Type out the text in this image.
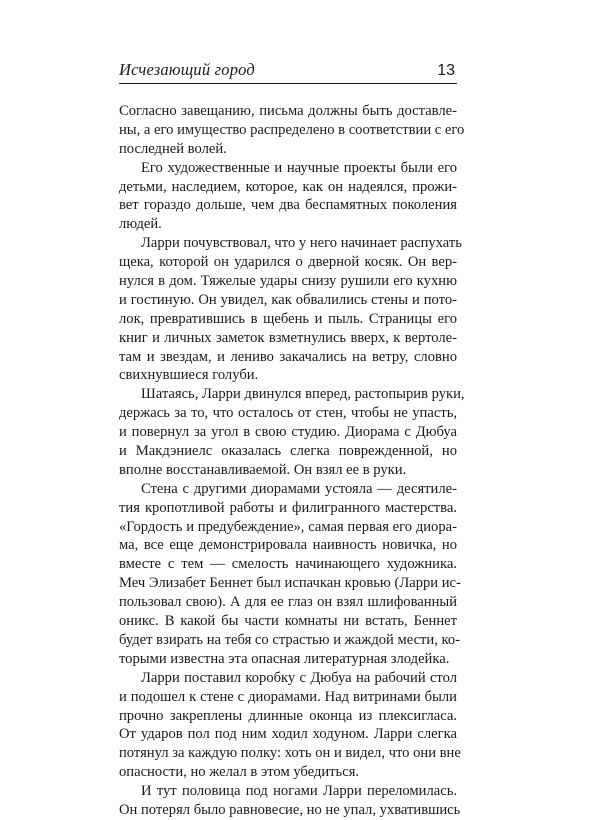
Исчезающий город	13
Согласно завещанию, письма должны быть доставле-
ны, а его имущество распределено в соответствии с его
последней волей.
Его художественные и научные проекты были его
детьми, наследием, которое, как он надеялся, прожи-
вет гораздо дольше, чем два беспамятных поколения
людей.
Ларри почувствовал, что у него начинает распухать
щека, которой он ударился о дверной косяк. Он вер-
нулся в дом. Тяжелые удары снизу рушили его кухню
и гостиную. Он увидел, как обвалились стены и пото-
лок, превратившись в щебень и пыль. Страницы его
книг и личных заметок взметнулись вверх, к вертоле-
там и звездам, и лениво закачались на ветру, словно
свихнувшиеся голуби.
Шатаясь, Ларри двинулся вперед, растопырив руки,
держась за то, что осталось от стен, чтобы не упасть,
и повернул за угол в свою студию. Диорама с Дюбуа
и Макдэниелс оказалась слегка поврежденной, но
вполне восстанавливаемой. Он взял ее в руки.
Стена с другими диорамами устояла — десятиле-
тия кропотливой работы и филигранного мастерства.
«Гордость и предубеждение», самая первая его диора-
ма, все еще демонстрировала наивность новичка, но
вместе с тем — смелость начинающего художника.
Меч Элизабет Беннет был испачкан кровью (Ларри ис-
пользовал свою). А для ее глаз он взял шлифованный
оникс. В какой бы части комнаты ни встать, Беннет
будет взирать на тебя со страстью и жаждой мести, ко-
торыми известна эта опасная литературная злодейка.
Ларри поставил коробку с Дюбуа на рабочий стол
и подошел к стене с диорамами. Над витринами были
прочно закреплены длинные оконца из плексигласа.
От ударов пол под ним ходил ходуном. Ларри слегка
потянул за каждую полку: хоть он и видел, что они вне
опасности, но желал в этом убедиться.
И тут половица под ногами Ларри переломилась.
Он потерял было равновесие, но не упал, ухватившись
